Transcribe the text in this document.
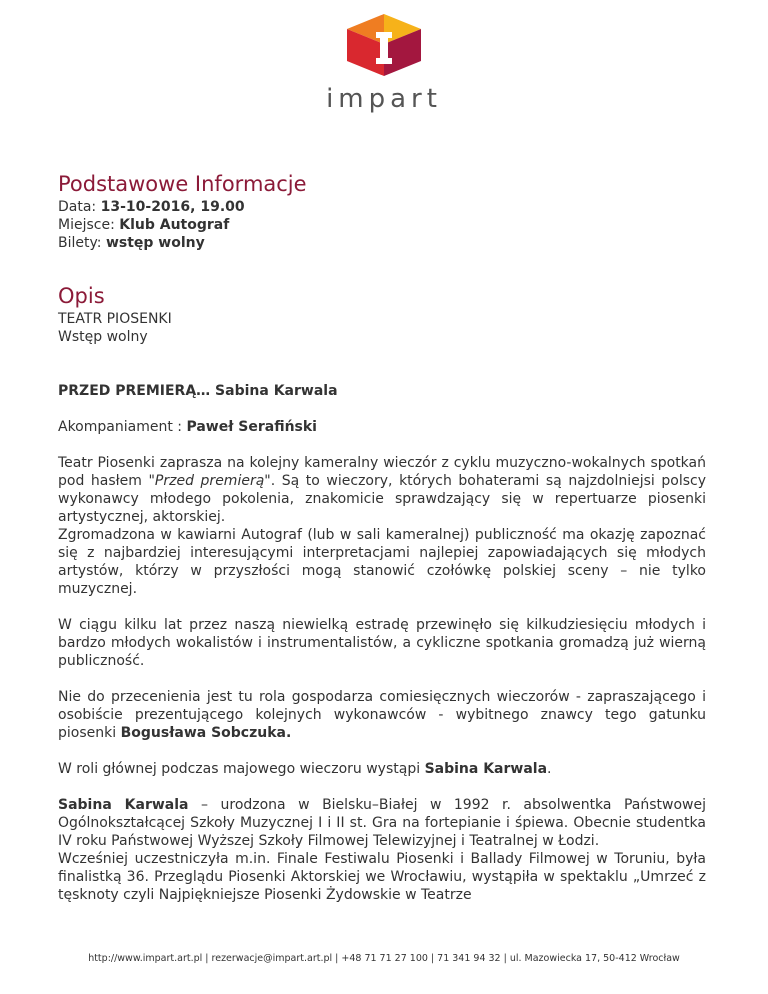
impart
Podstawowe Informacje
Data: 13-10-2016, 19.00
Miejsce: Klub Autograf
Bilety: wstęp wolny
Opis
TEATR PIOSENKI
Wstęp wolny

PRZED PREMIERĄ… Sabina Karwala

Akompaniament : Paweł Serafiński

Teatr Piosenki zaprasza na kolejny kameralny wieczór z cyklu muzyczno-wokalnych spotkań pod hasłem "Przed premierą". Są to wieczory, których bohaterami są najzdolniejsi polscy wykonawcy młodego pokolenia, znakomicie sprawdzający się w repertuarze piosenki artystycznej, aktorskiej.

Zgromadzona w kawiarni Autograf (lub w sali kameralnej) publiczność ma okazję zapoznać się z najbardziej interesującymi interpretacjami najlepiej zapowiadających się młodych artystów, którzy w przyszłości mogą stanowić czołówkę polskiej sceny – nie tylko muzycznej.

W ciągu kilku lat przez naszą niewielką estradę przewinęło się kilkudziesięciu młodych i bardzo młodych wokalistów i instrumentalistów, a cykliczne spotkania gromadzą już wierną publiczność.

Nie do przecenienia jest tu rola gospodarza comiesięcznych wieczorów - zapraszającego i osobiście prezentującego kolejnych wykonawców - wybitnego znawcy tego gatunku piosenki Bogusława Sobczuka.

W roli głównej podczas majowego wieczoru wystąpi Sabina Karwala.

Sabina Karwala – urodzona w Bielsku–Białej w 1992 r. absolwentka Państwowej Ogólnokształcącej Szkoły Muzycznej I i II st. Gra na fortepianie i śpiewa. Obecnie studentka IV roku Państwowej Wyższej Szkoły Filmowej Telewizyjnej i Teatralnej w Łodzi.

Wcześniej uczestniczyła m.in. Finale Festiwalu Piosenki i Ballady Filmowej w Toruniu, była finalistką 36. Przeglądu Piosenki Aktorskiej we Wrocławiu, wystąpiła w spektaklu „Umrzeć z tęsknoty czyli Najpiękniejsze Piosenki Żydowskie w Teatrze

http://www.impart.art.pl | rezerwacje@impart.art.pl | +48 71 71 27 100 | 71 341 94 32 | ul. Mazowiecka 17, 50-412 Wrocław
